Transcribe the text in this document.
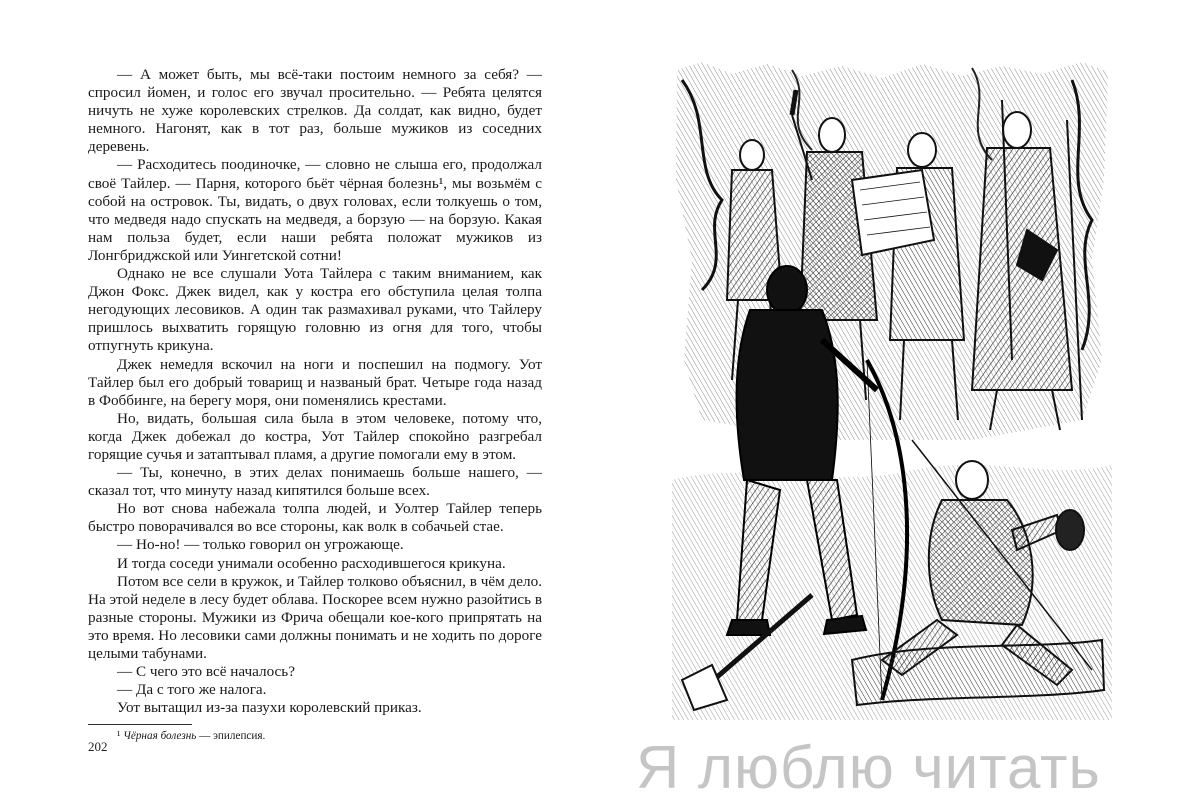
— А может быть, мы всё-таки постоим немного за себя? — спросил йомен, и голос его звучал просительно. — Ребята целятся ничуть не хуже королевских стрелков. Да солдат, как видно, будет немного. Нагонят, как в тот раз, больше мужиков из соседних деревень.

— Расходитесь поодиночке, — словно не слыша его, продолжал своё Тайлер. — Парня, которого бьёт чёрная болезнь¹, мы возьмём с собой на островок. Ты, видать, о двух головах, если толкуешь о том, что медведя надо спускать на медведя, а борзую — на борзую. Какая нам польза будет, если наши ребята положат мужиков из Лонгбриджской или Уингетской сотни!

Однако не все слушали Уота Тайлера с таким вниманием, как Джон Фокс. Джек видел, как у костра его обступила целая толпа негодующих лесовиков. А один так размахивал руками, что Тайлеру пришлось выхватить горящую головню из огня для того, чтобы отпугнуть крикуна.

Джек немедля вскочил на ноги и поспешил на подмогу. Уот Тайлер был его добрый товарищ и названый брат. Четыре года назад в Фоббинге, на берегу моря, они поменялись крестами.

Но, видать, большая сила была в этом человеке, потому что, когда Джек добежал до костра, Уот Тайлер спокойно разгребал горящие сучья и затаптывал пламя, а другие помогали ему в этом.

— Ты, конечно, в этих делах понимаешь больше нашего, — сказал тот, что минуту назад кипятился больше всех.

Но вот снова набежала толпа людей, и Уолтер Тайлер теперь быстро поворачивался во все стороны, как волк в собачьей стае.

— Но-но! — только говорил он угрожающе.

И тогда соседи унимали особенно расходившегося крикуна.

Потом все сели в кружок, и Тайлер толково объяснил, в чём дело. На этой неделе в лесу будет облава. Поскорее всем нужно разойтись в разные стороны. Мужики из Фрича обещали кое-кого припрятать на это время. Но лесовики сами должны понимать и не ходить по дороге целыми табунами.

— С чего это всё началось?

— Да с того же налога.

Уот вытащил из-за пазухи королевский приказ.

¹ Чёрная болезнь — эпилепсия.

202	Я люблю читать
